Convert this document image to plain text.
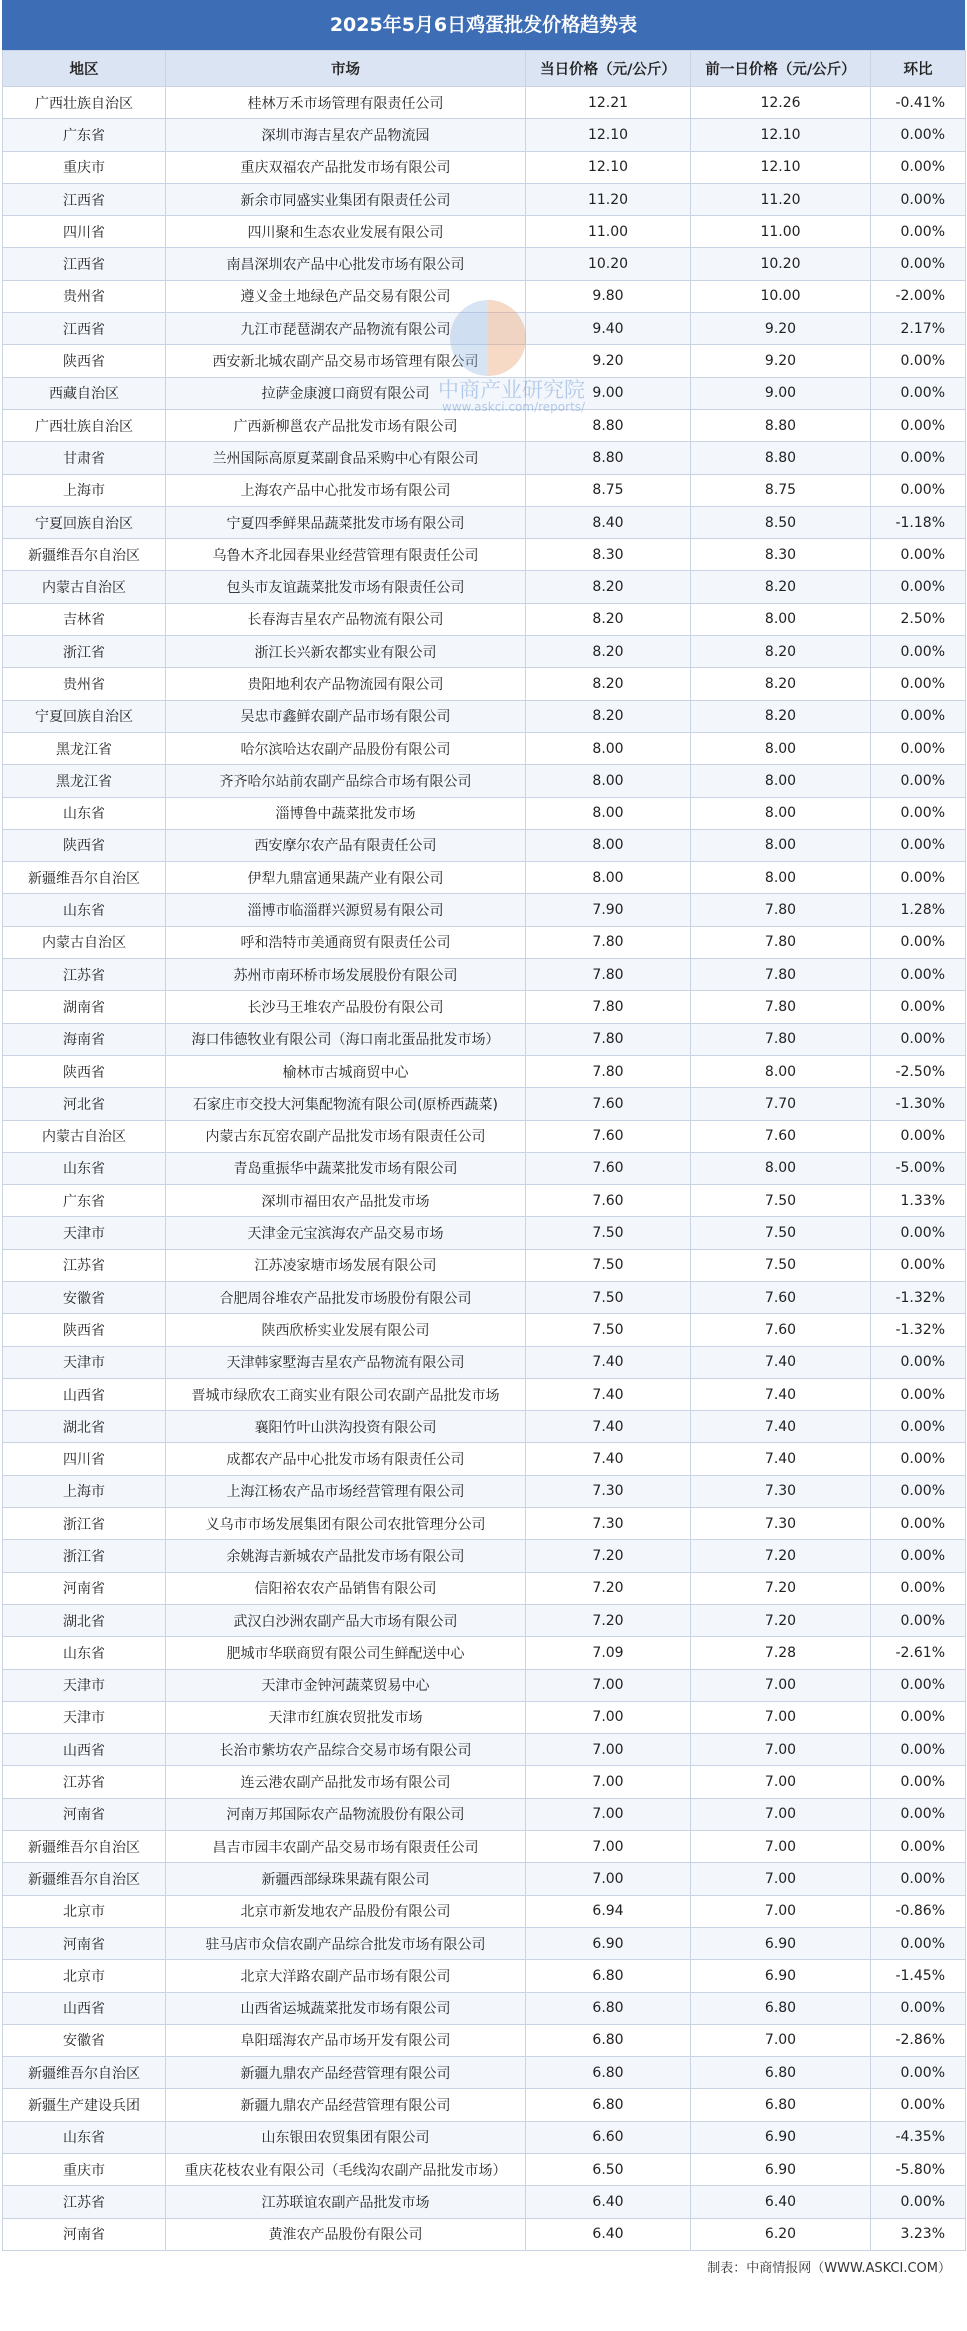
2025年5月6日鸡蛋批发价格趋势表
地区	市场	当日价格（元/公斤）	前一日价格（元/公斤）	环比
广西壮族自治区	桂林万禾市场管理有限责任公司	12.21	12.26	-0.41%
广东省	深圳市海吉星农产品物流园	12.10	12.10	0.00%
重庆市	重庆双福农产品批发市场有限公司	12.10	12.10	0.00%
江西省	新余市同盛实业集团有限责任公司	11.20	11.20	0.00%
四川省	四川聚和生态农业发展有限公司	11.00	11.00	0.00%
江西省	南昌深圳农产品中心批发市场有限公司	10.20	10.20	0.00%
贵州省	遵义金土地绿色产品交易有限公司	9.80	10.00	-2.00%
江西省	九江市琵琶湖农产品物流有限公司	9.40	9.20	2.17%
陕西省	西安新北城农副产品交易市场管理有限公司	9.20	9.20	0.00%
西藏自治区	拉萨金康渡口商贸有限公司	9.00	9.00	0.00%
广西壮族自治区	广西新柳邕农产品批发市场有限公司	8.80	8.80	0.00%
甘肃省	兰州国际高原夏菜副食品采购中心有限公司	8.80	8.80	0.00%
上海市	上海农产品中心批发市场有限公司	8.75	8.75	0.00%
宁夏回族自治区	宁夏四季鲜果品蔬菜批发市场有限公司	8.40	8.50	-1.18%
新疆维吾尔自治区	乌鲁木齐北园春果业经营管理有限责任公司	8.30	8.30	0.00%
内蒙古自治区	包头市友谊蔬菜批发市场有限责任公司	8.20	8.20	0.00%
吉林省	长春海吉星农产品物流有限公司	8.20	8.00	2.50%
浙江省	浙江长兴新农都实业有限公司	8.20	8.20	0.00%
贵州省	贵阳地利农产品物流园有限公司	8.20	8.20	0.00%
宁夏回族自治区	吴忠市鑫鲜农副产品市场有限公司	8.20	8.20	0.00%
黑龙江省	哈尔滨哈达农副产品股份有限公司	8.00	8.00	0.00%
黑龙江省	齐齐哈尔站前农副产品综合市场有限公司	8.00	8.00	0.00%
山东省	淄博鲁中蔬菜批发市场	8.00	8.00	0.00%
陕西省	西安摩尔农产品有限责任公司	8.00	8.00	0.00%
新疆维吾尔自治区	伊犁九鼎富通果蔬产业有限公司	8.00	8.00	0.00%
山东省	淄博市临淄群兴源贸易有限公司	7.90	7.80	1.28%
内蒙古自治区	呼和浩特市美通商贸有限责任公司	7.80	7.80	0.00%
江苏省	苏州市南环桥市场发展股份有限公司	7.80	7.80	0.00%
湖南省	长沙马王堆农产品股份有限公司	7.80	7.80	0.00%
海南省	海口伟德牧业有限公司（海口南北蛋品批发市场）	7.80	7.80	0.00%
陕西省	榆林市古城商贸中心	7.80	8.00	-2.50%
河北省	石家庄市交投大河集配物流有限公司(原桥西蔬菜)	7.60	7.70	-1.30%
内蒙古自治区	内蒙古东瓦窑农副产品批发市场有限责任公司	7.60	7.60	0.00%
山东省	青岛重振华中蔬菜批发市场有限公司	7.60	8.00	-5.00%
广东省	深圳市福田农产品批发市场	7.60	7.50	1.33%
天津市	天津金元宝滨海农产品交易市场	7.50	7.50	0.00%
江苏省	江苏凌家塘市场发展有限公司	7.50	7.50	0.00%
安徽省	合肥周谷堆农产品批发市场股份有限公司	7.50	7.60	-1.32%
陕西省	陕西欣桥实业发展有限公司	7.50	7.60	-1.32%
天津市	天津韩家墅海吉星农产品物流有限公司	7.40	7.40	0.00%
山西省	晋城市绿欣农工商实业有限公司农副产品批发市场	7.40	7.40	0.00%
湖北省	襄阳竹叶山洪沟投资有限公司	7.40	7.40	0.00%
四川省	成都农产品中心批发市场有限责任公司	7.40	7.40	0.00%
上海市	上海江杨农产品市场经营管理有限公司	7.30	7.30	0.00%
浙江省	义乌市市场发展集团有限公司农批管理分公司	7.30	7.30	0.00%
浙江省	余姚海吉新城农产品批发市场有限公司	7.20	7.20	0.00%
河南省	信阳裕农农产品销售有限公司	7.20	7.20	0.00%
湖北省	武汉白沙洲农副产品大市场有限公司	7.20	7.20	0.00%
山东省	肥城市华联商贸有限公司生鲜配送中心	7.09	7.28	-2.61%
天津市	天津市金钟河蔬菜贸易中心	7.00	7.00	0.00%
天津市	天津市红旗农贸批发市场	7.00	7.00	0.00%
山西省	长治市紫坊农产品综合交易市场有限公司	7.00	7.00	0.00%
江苏省	连云港农副产品批发市场有限公司	7.00	7.00	0.00%
河南省	河南万邦国际农产品物流股份有限公司	7.00	7.00	0.00%
新疆维吾尔自治区	昌吉市园丰农副产品交易市场有限责任公司	7.00	7.00	0.00%
新疆维吾尔自治区	新疆西部绿珠果蔬有限公司	7.00	7.00	0.00%
北京市	北京市新发地农产品股份有限公司	6.94	7.00	-0.86%
河南省	驻马店市众信农副产品综合批发市场有限公司	6.90	6.90	0.00%
北京市	北京大洋路农副产品市场有限公司	6.80	6.90	-1.45%
山西省	山西省运城蔬菜批发市场有限公司	6.80	6.80	0.00%
安徽省	阜阳瑶海农产品市场开发有限公司	6.80	7.00	-2.86%
新疆维吾尔自治区	新疆九鼎农产品经营管理有限公司	6.80	6.80	0.00%
新疆生产建设兵团	新疆九鼎农产品经营管理有限公司	6.80	6.80	0.00%
山东省	山东银田农贸集团有限公司	6.60	6.90	-4.35%
重庆市	重庆花枝农业有限公司（毛线沟农副产品批发市场）	6.50	6.90	-5.80%
江苏省	江苏联谊农副产品批发市场	6.40	6.40	0.00%
河南省	黄淮农产品股份有限公司	6.40	6.20	3.23%
中商产业研究院
www.askci.com/reports/
制表：中商情报网（WWW.ASKCI.COM）
